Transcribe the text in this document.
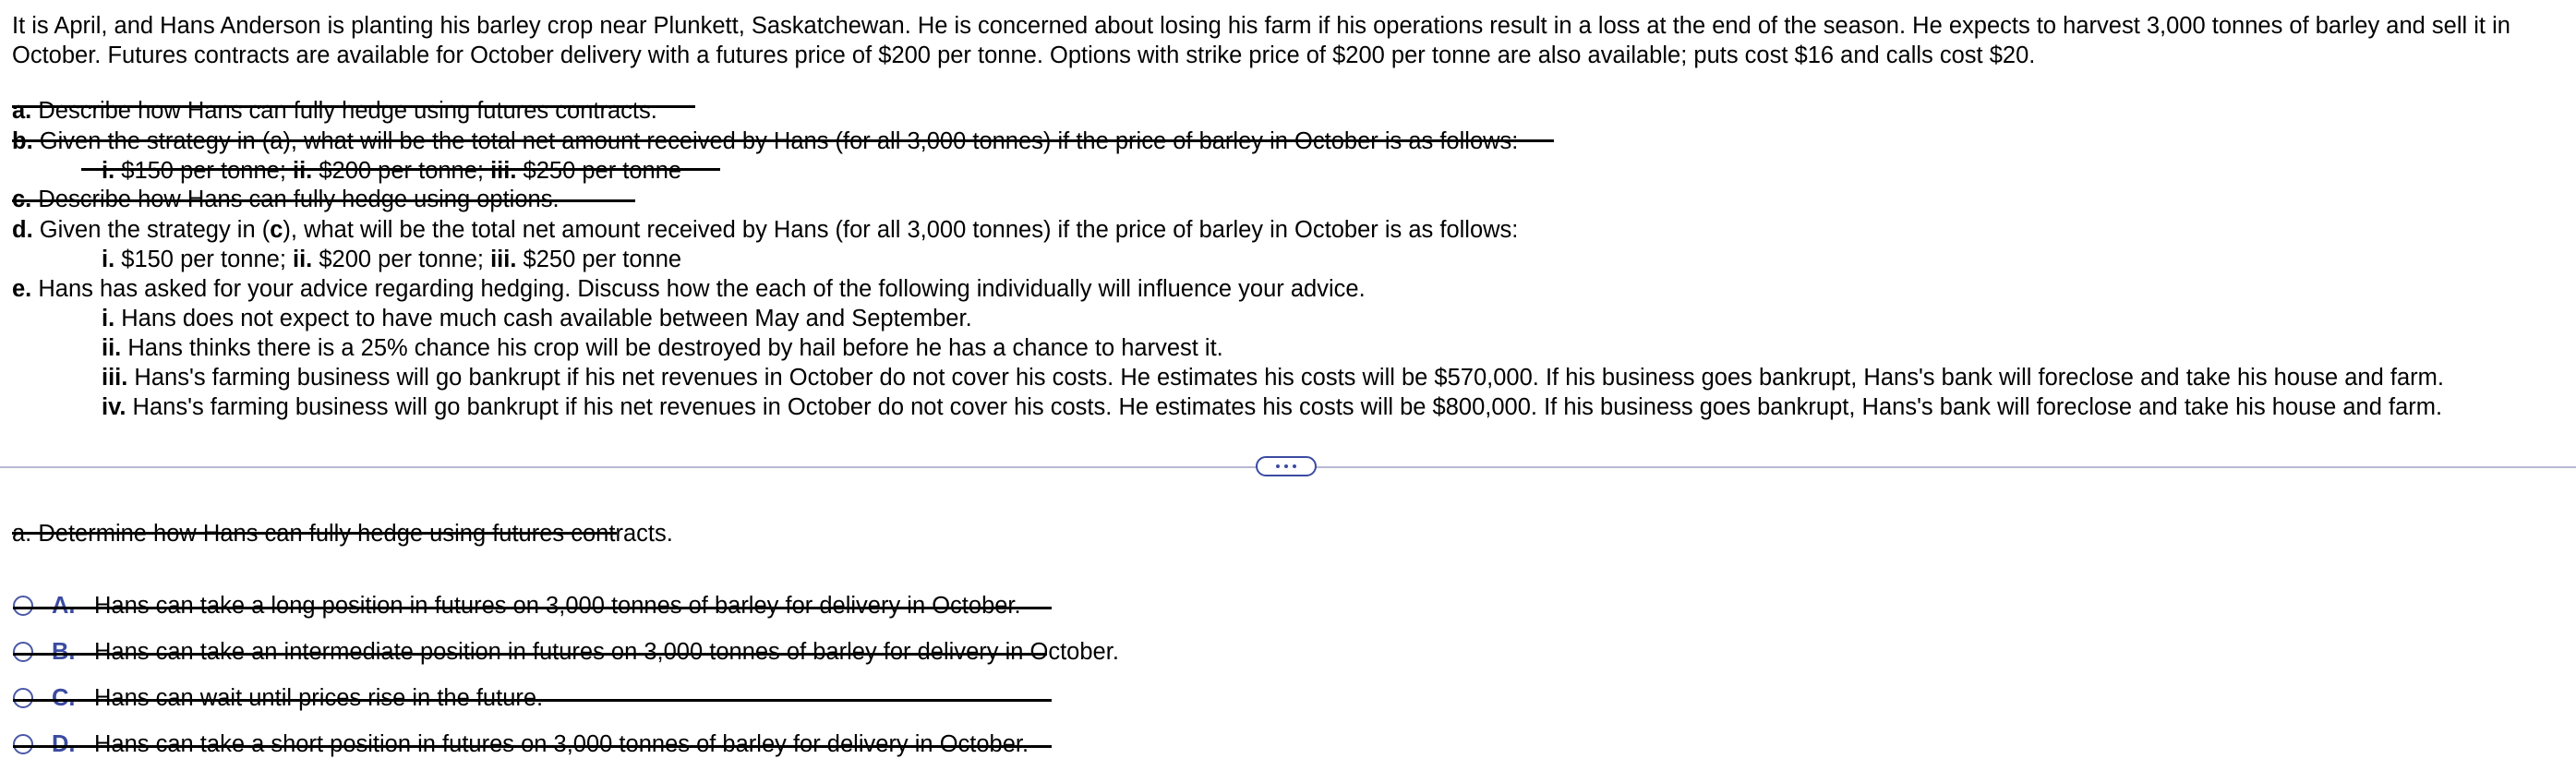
It is April, and Hans Anderson is planting his barley crop near Plunkett, Saskatchewan. He is concerned about losing his farm if his operations result in a loss at the end of the season. He expects to harvest 3,000 tonnes of barley and sell it in October. Futures contracts are available for October delivery with a futures price of $200 per tonne. Options with strike price of $200 per tonne are also available; puts cost $16 and calls cost $20.
a. Describe how Hans can fully hedge using futures contracts.
b. Given the strategy in (a), what will be the total net amount received by Hans (for all 3,000 tonnes) if the price of barley in October is as follows:
i. $150 per tonne; ii. $200 per tonne; iii. $250 per tonne
c. Describe how Hans can fully hedge using options.
d. Given the strategy in (c), what will be the total net amount received by Hans (for all 3,000 tonnes) if the price of barley in October is as follows:
i. $150 per tonne; ii. $200 per tonne; iii. $250 per tonne
e. Hans has asked for your advice regarding hedging. Discuss how the each of the following individually will influence your advice.
i. Hans does not expect to have much cash available between May and September.
ii. Hans thinks there is a 25% chance his crop will be destroyed by hail before he has a chance to harvest it.
iii. Hans's farming business will go bankrupt if his net revenues in October do not cover his costs. He estimates his costs will be $570,000. If his business goes bankrupt, Hans's bank will foreclose and take his house and farm.
iv. Hans's farming business will go bankrupt if his net revenues in October do not cover his costs. He estimates his costs will be $800,000. If his business goes bankrupt, Hans's bank will foreclose and take his house and farm.
a. Determine how Hans can fully hedge using futures contracts.
A. Hans can take a long position in futures on 3,000 tonnes of barley for delivery in October.
B. Hans can take an intermediate position in futures on 3,000 tonnes of barley for delivery in October.
C. Hans can wait until prices rise in the future.
D. Hans can take a short position in futures on 3,000 tonnes of barley for delivery in October.
